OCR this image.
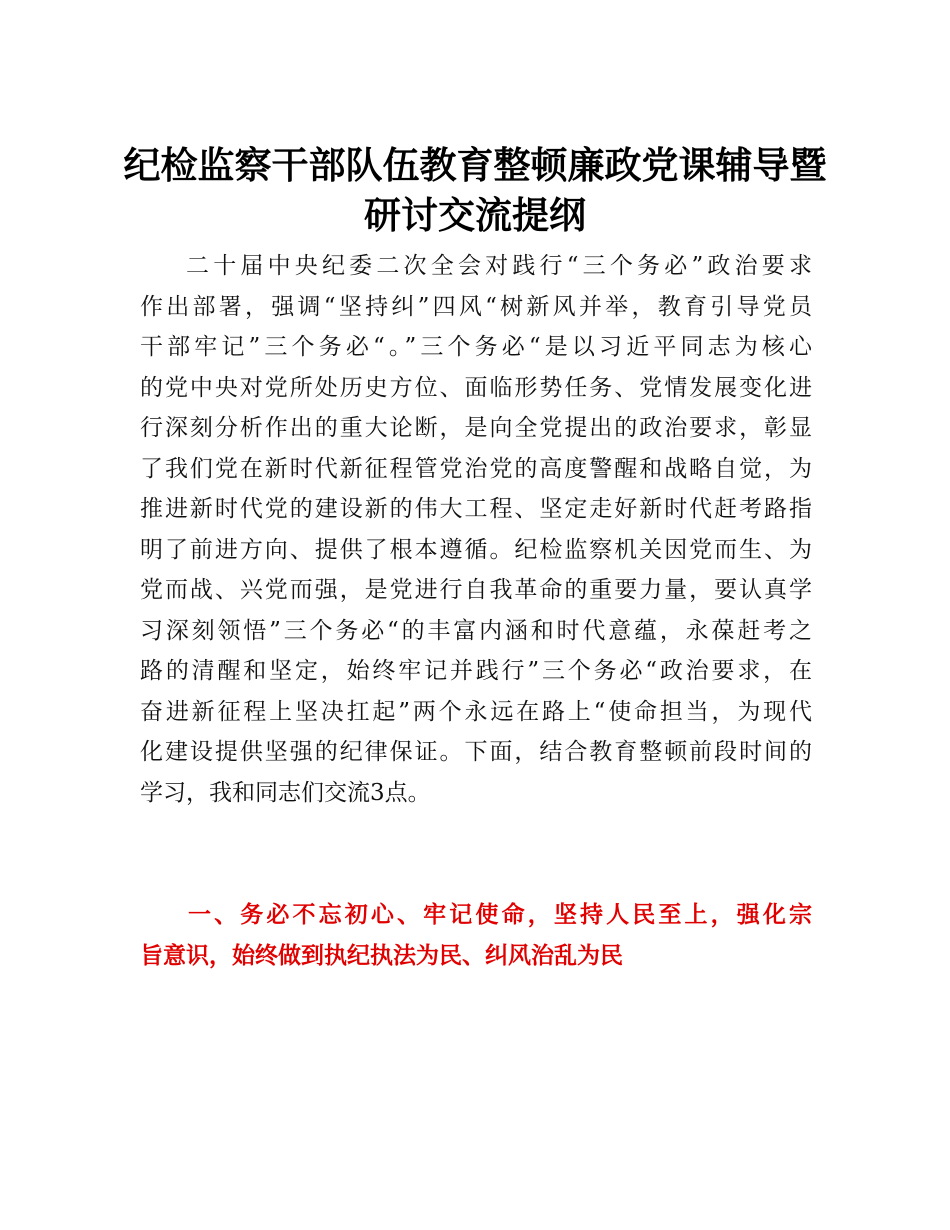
纪检监察干部队伍教育整顿廉政党课辅导暨
研讨交流提纲
二十届中央纪委二次全会对践行“三个务必”政治要求
作出部署，强调“坚持纠”四风“树新风并举，教育引导党员
干部牢记”三个务必“。”三个务必“是以习近平同志为核心
的党中央对党所处历史方位、面临形势任务、党情发展变化进
行深刻分析作出的重大论断，是向全党提出的政治要求，彰显
了我们党在新时代新征程管党治党的高度警醒和战略自觉，为
推进新时代党的建设新的伟大工程、坚定走好新时代赶考路指
明了前进方向、提供了根本遵循。纪检监察机关因党而生、为
党而战、兴党而强，是党进行自我革命的重要力量，要认真学
习深刻领悟”三个务必“的丰富内涵和时代意蕴，永葆赶考之
路的清醒和坚定，始终牢记并践行”三个务必“政治要求，在
奋进新征程上坚决扛起”两个永远在路上“使命担当，为现代
化建设提供坚强的纪律保证。下面，结合教育整顿前段时间的
学习，我和同志们交流3点。
一、务必不忘初心、牢记使命，坚持人民至上，强化宗
旨意识，始终做到执纪执法为民、纠风治乱为民
